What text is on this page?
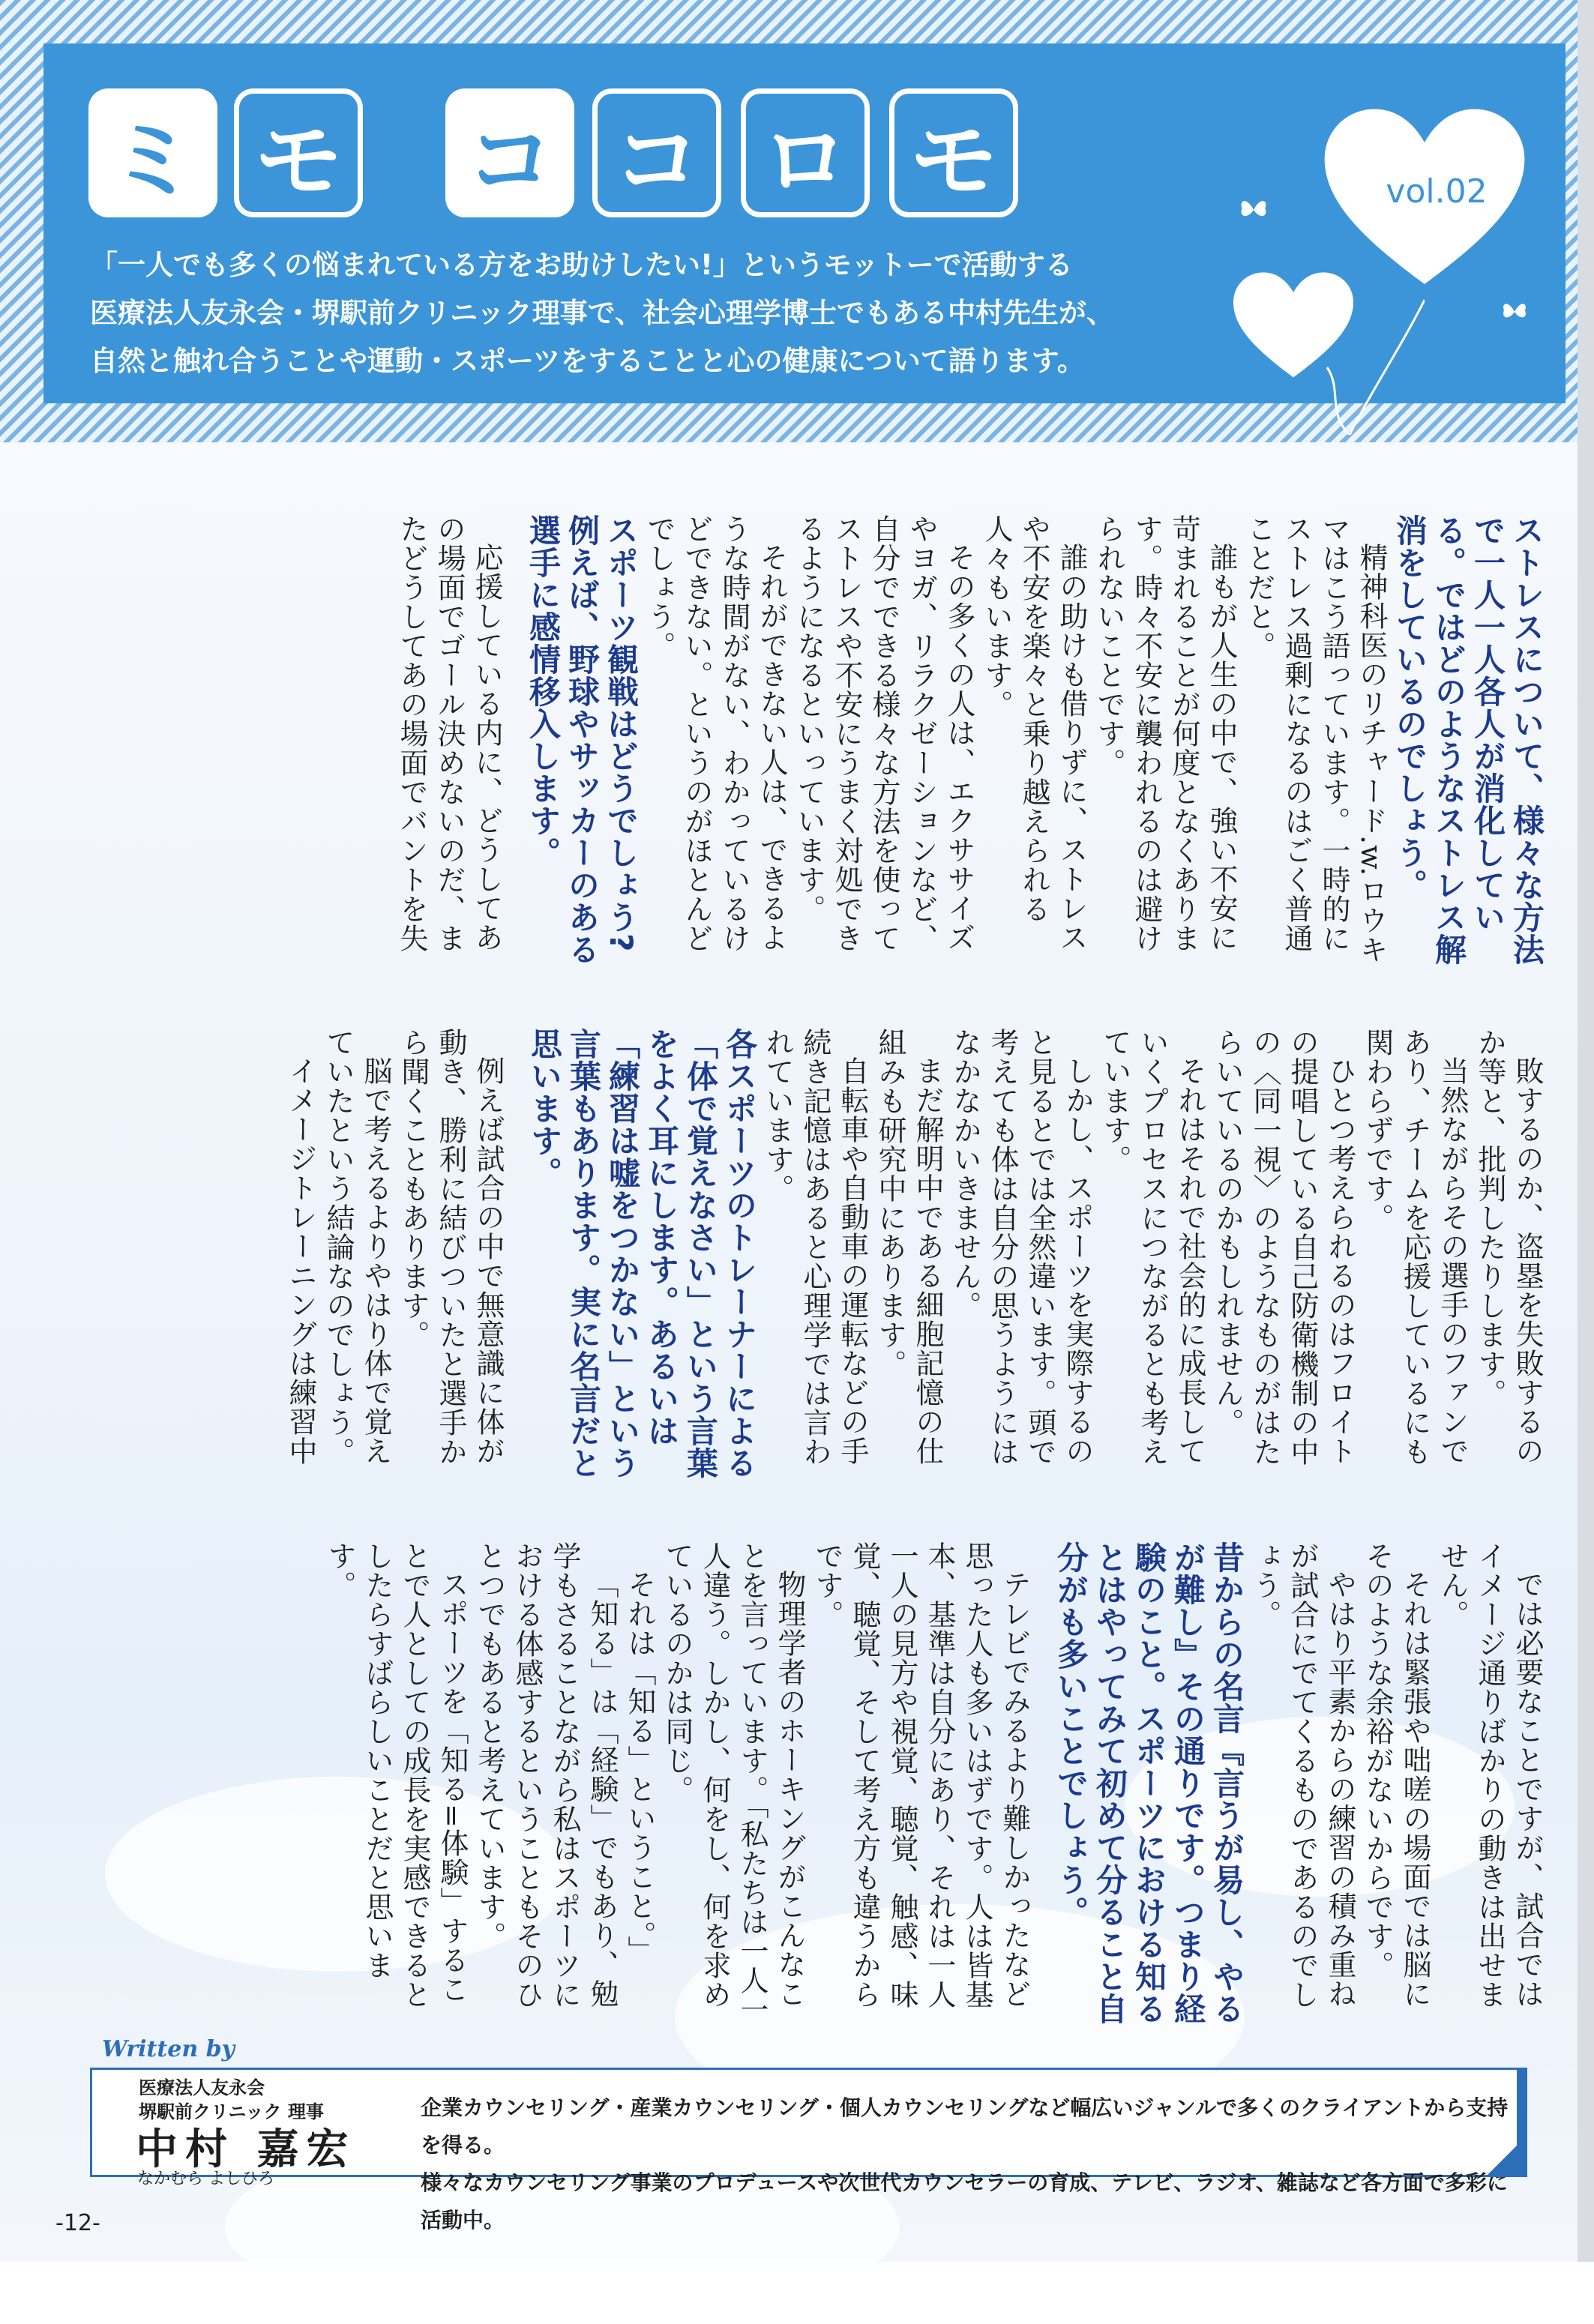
ミ モ コ コ ロ モ	vol.02
「一人でも多くの悩まれている方をお助けしたい!」というモットーで活動する
医療法人友永会・堺駅前クリニック理事で、社会心理学博士でもある中村先生が、
自然と触れ合うことや運動・スポーツをすることと心の健康について語ります。

ストレスについて、様々な方法で一人一人各人が消化している。ではどのようなストレス解消をしているのでしょう。

精神科医のリチャード.w.ロウキマはこう語っています。一時的にストレス過剰になるのはごく普通ことだと。

誰もが人生の中で、強い不安に苛まれることが何度となくあります。時々不安に襲われるのは避けられないことです。

誰の助けも借りずに、ストレスや不安を楽々と乗り越えられる人々もいます。

その多くの人は、エクササイズやヨガ、リラクゼーションなど、自分でできる様々な方法を使ってストレスや不安にうまく対処できるようになるといっています。

それができない人は、できるような時間がない、わかっているけどできない。というのがほとんどでしょう。

スポーツ観戦はどうでしょう?例えば、野球やサッカーのある選手に感情移入します。

応援している内に、どうしてあの場面でゴール決めないのだ、またどうしてあの場面でバントを失

敗するのか、盗塁を失敗するのか等と、批判したりします。

当然ながらその選手のファンであり、チームを応援しているにも関わらずです。

ひとつ考えられるのはフロイトの提唱している自己防衛機制の中の〈同一視〉のようなものがはたらいているのかもしれません。

それはそれで社会的に成長していくプロセスにつながるとも考えています。

しかし、スポーツを実際するのと見るとでは全然違います。頭で考えても体は自分の思うようにはなかなかいきません。

まだ解明中である細胞記憶の仕組みも研究中にあります。

自転車や自動車の運転などの手続き記憶はあると心理学では言われています。

各スポーツのトレーナーによる「体で覚えなさい」という言葉をよく耳にします。あるいは「練習は嘘をつかない」という言葉もあります。実に名言だと思います。

例えば試合の中で無意識に体が動き、勝利に結びついたと選手から聞くこともあります。

脳で考えるよりやはり体で覚えていたという結論なのでしょう。

イメージトレーニングは練習中

では必要なことですが、試合ではイメージ通りばかりの動きは出せません。

それは緊張や咄嗟の場面では脳にそのような余裕がないからです。

やはり平素からの練習の積み重ねが試合にでてくるものであるのでしょう。

昔からの名言『言うが易し、やるが難し』その通りです。つまり経験のこと。スポーツにおける知るとはやってみて初めて分ること自分がも多いことでしょう。

テレビでみるより難しかったなど思った人も多いはずです。人は皆基本、基準は自分にあり、それは一人一人の見方や視覚、聴覚、触感、味覚、聴覚、そして考え方も違うからです。

物理学者のホーキングがこんなことを言っています。「私たちは一人一人違う。しかし、何をし、何を求めているのかは同じ。

それは「知る」ということ。」

「知る」は「経験」でもあり、勉学もさることながら私はスポーツにおける体感するということもそのひとつでもあると考えています。

スポーツを「知る=体験」することで人としての成長を実感できるとしたらすばらしいことだと思います。

Written by
医療法人友永会
堺駅前クリニック 理事
中村 嘉宏
なかむら よしひろ
企業カウンセリング・産業カウンセリング・個人カウンセリングなど幅広いジャンルで多くのクライアントから支持を得る。
様々なカウンセリング事業のプロデュースや次世代カウンセラーの育成、テレビ、ラジオ、雑誌など各方面で多彩に活動中。
-12-
